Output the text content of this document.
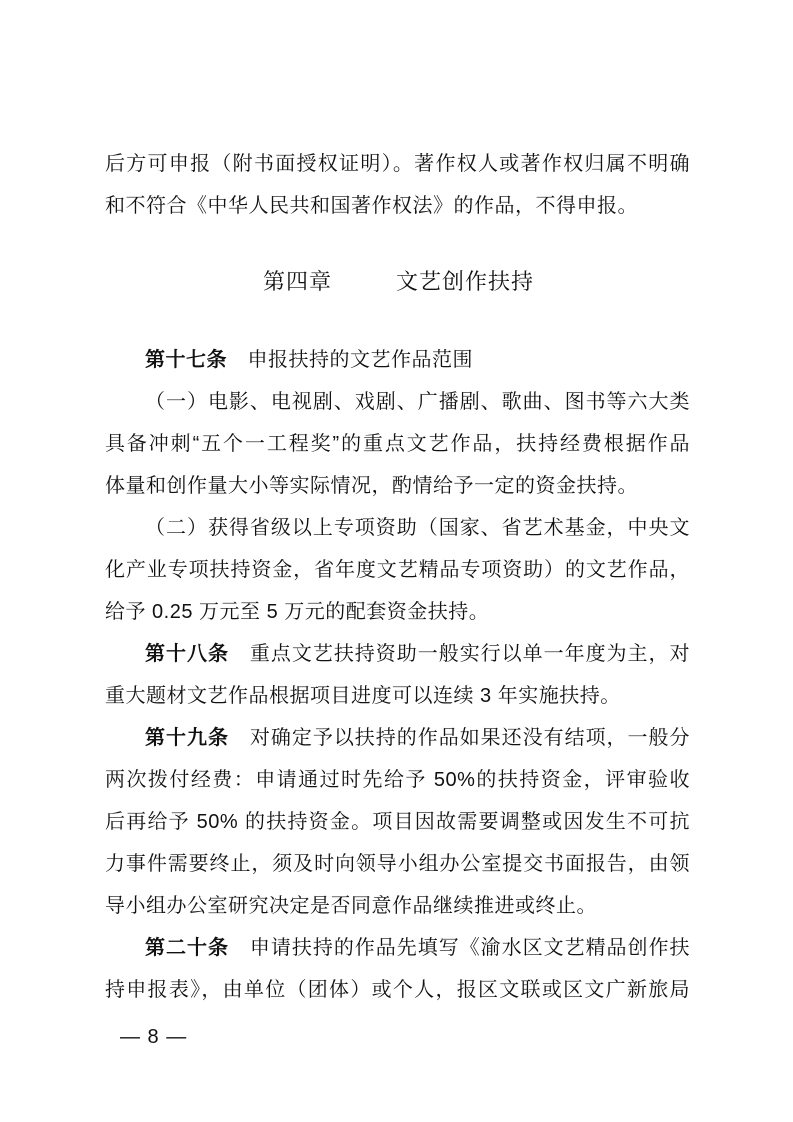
后方可申报（附书面授权证明）。著作权人或著作权归属不明确
和不符合《中华人民共和国著作权法》的作品，不得申报。
第四章	文艺创作扶持
第十七条　申报扶持的文艺作品范围
（一）电影、电视剧、戏剧、广播剧、歌曲、图书等六大类
具备冲刺“五个一工程奖”的重点文艺作品，扶持经费根据作品
体量和创作量大小等实际情况，酌情给予一定的资金扶持。
（二）获得省级以上专项资助（国家、省艺术基金，中央文
化产业专项扶持资金，省年度文艺精品专项资助）的文艺作品，
给予 0.25 万元至 5 万元的配套资金扶持。
第十八条　重点文艺扶持资助一般实行以单一年度为主，对
重大题材文艺作品根据项目进度可以连续 3 年实施扶持。
第十九条　对确定予以扶持的作品如果还没有结项，一般分
两次拨付经费：申请通过时先给予 50%的扶持资金，评审验收
后再给予 50% 的扶持资金。项目因故需要调整或因发生不可抗
力事件需要终止，须及时向领导小组办公室提交书面报告，由领
导小组办公室研究决定是否同意作品继续推进或终止。
第二十条　申请扶持的作品先填写《渝水区文艺精品创作扶
持申报表》，由单位（团体）或个人，报区文联或区文广新旅局
— 8 —
